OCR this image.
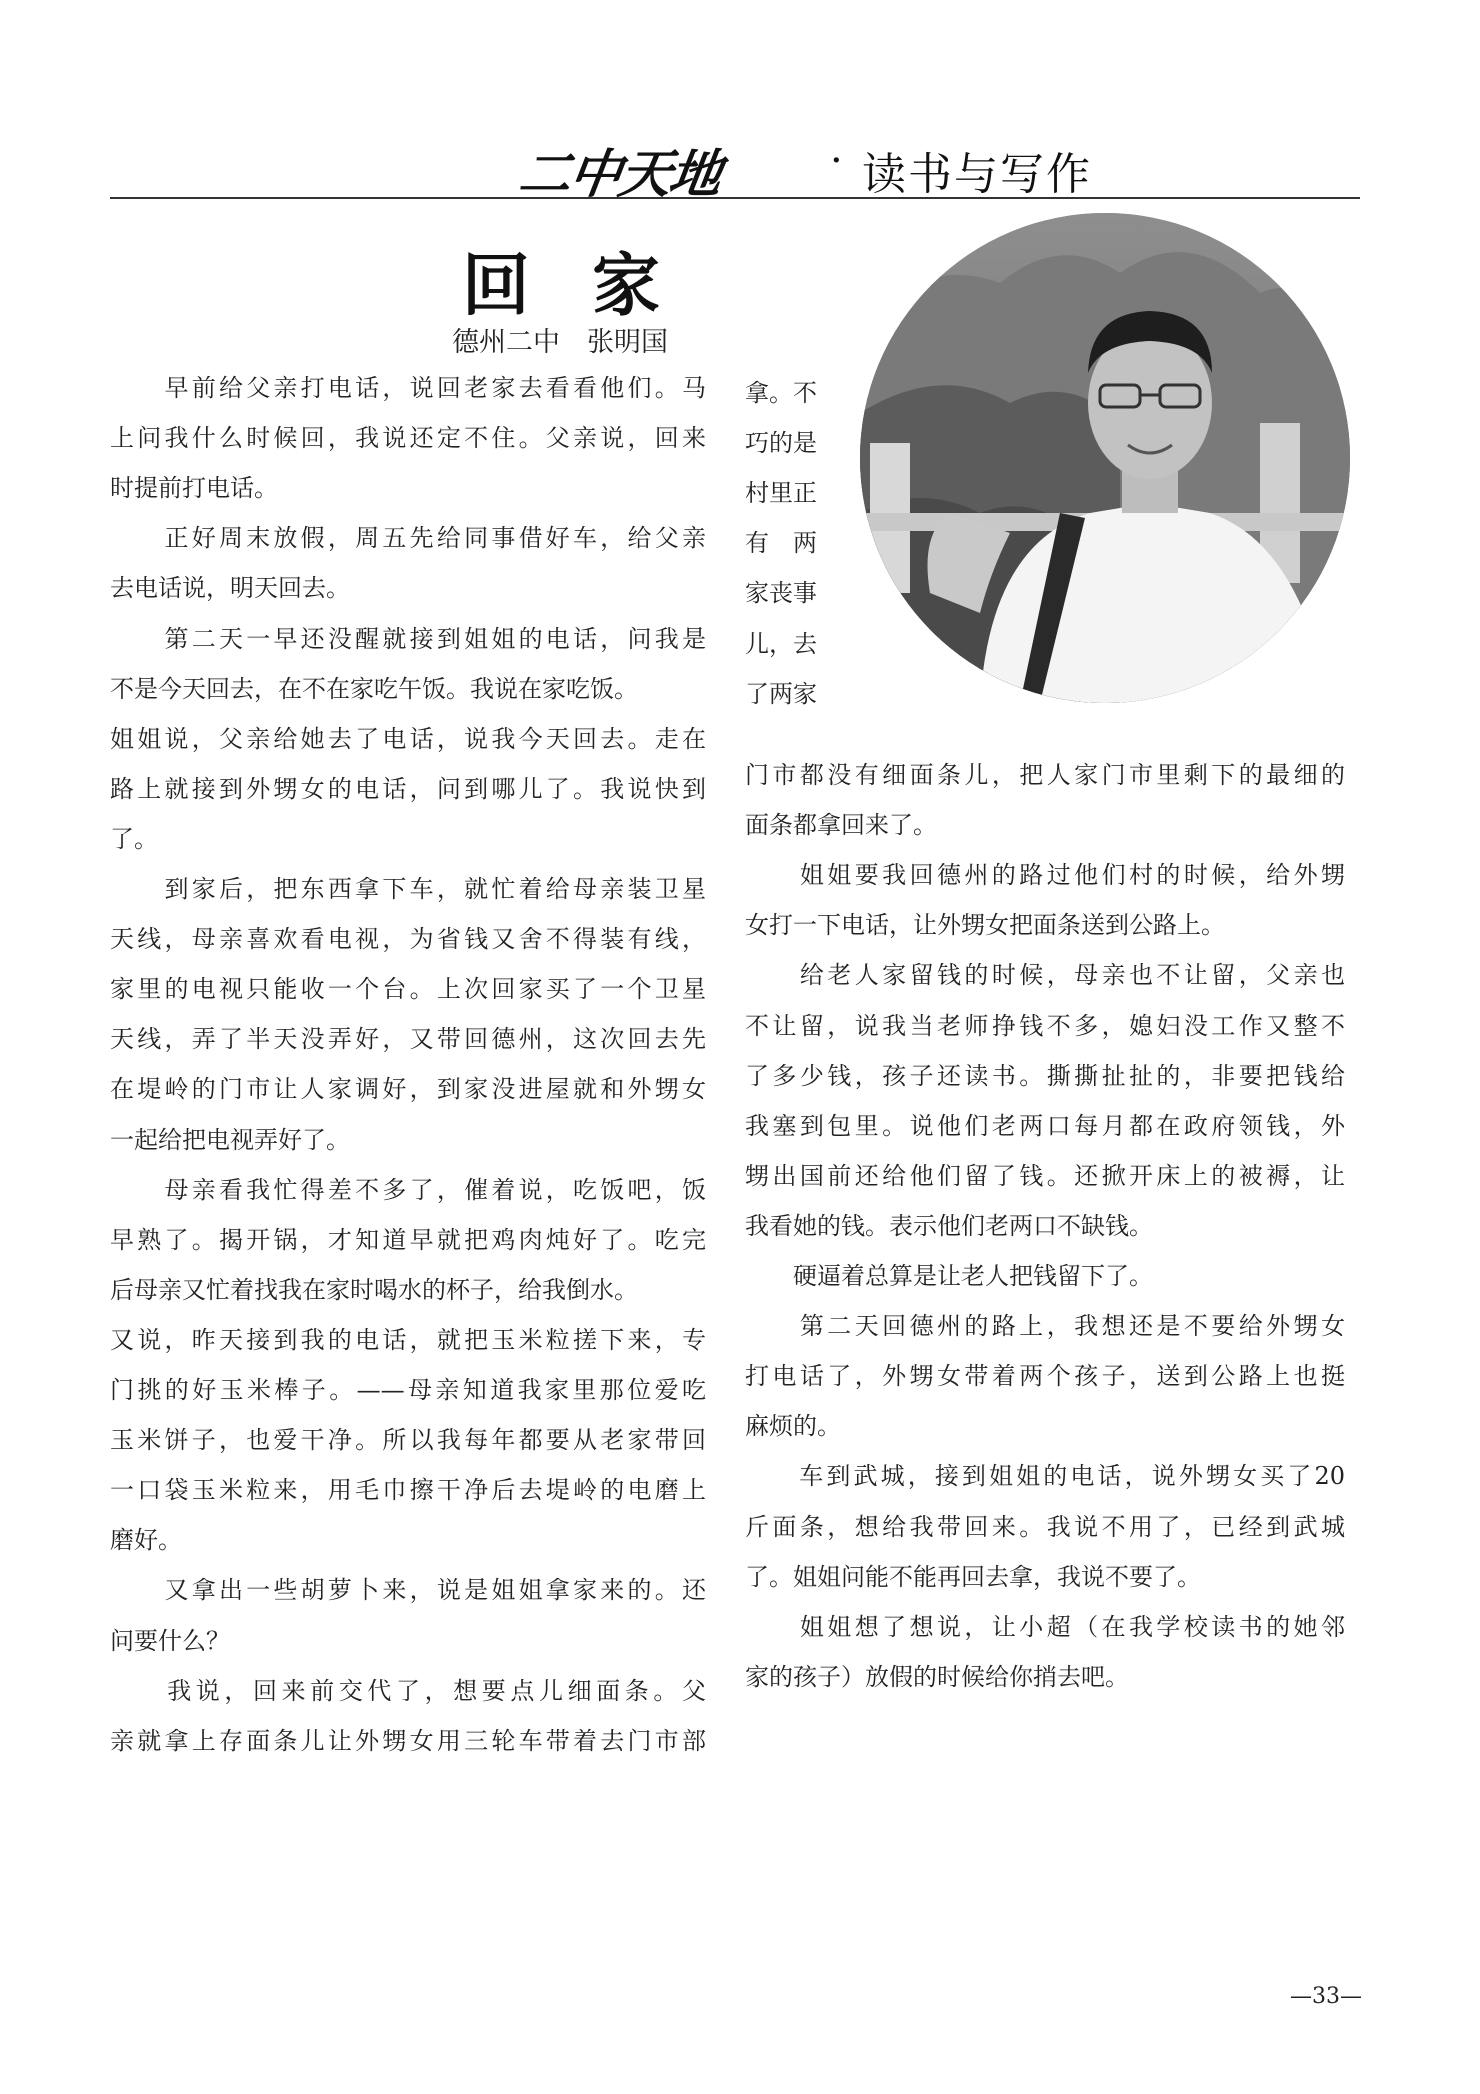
二中天地	· 读书与写作
回家
德州二中　张明国
　　早前给父亲打电话，说回老家去看看他们。马
上问我什么时候回，我说还定不住。父亲说，回来
时提前打电话。
　　正好周末放假，周五先给同事借好车，给父亲
去电话说，明天回去。
　　第二天一早还没醒就接到姐姐的电话，问我是
不是今天回去，在不在家吃午饭。我说在家吃饭。
姐姐说，父亲给她去了电话，说我今天回去。走在
路上就接到外甥女的电话，问到哪儿了。我说快到
了。
　　到家后，把东西拿下车，就忙着给母亲装卫星
天线，母亲喜欢看电视，为省钱又舍不得装有线，
家里的电视只能收一个台。上次回家买了一个卫星
天线，弄了半天没弄好，又带回德州，这次回去先
在堤岭的门市让人家调好，到家没进屋就和外甥女
一起给把电视弄好了。
　　母亲看我忙得差不多了，催着说，吃饭吧，饭
早熟了。揭开锅，才知道早就把鸡肉炖好了。吃完
后母亲又忙着找我在家时喝水的杯子，给我倒水。
又说，昨天接到我的电话，就把玉米粒搓下来，专
门挑的好玉米棒子。——母亲知道我家里那位爱吃
玉米饼子，也爱干净。所以我每年都要从老家带回
一口袋玉米粒来，用毛巾擦干净后去堤岭的电磨上
磨好。
　　又拿出一些胡萝卜来，说是姐姐拿家来的。还
问要什么？
　　我说，回来前交代了，想要点儿细面条。父
亲就拿上存面条儿让外甥女用三轮车带着去门市部
拿。不
巧的是
村里正
有　两
家丧事
儿，去
了两家
门市都没有细面条儿，把人家门市里剩下的最细的
面条都拿回来了。
　　姐姐要我回德州的路过他们村的时候，给外甥
女打一下电话，让外甥女把面条送到公路上。
　　给老人家留钱的时候，母亲也不让留，父亲也
不让留，说我当老师挣钱不多，媳妇没工作又整不
了多少钱，孩子还读书。撕撕扯扯的，非要把钱给
我塞到包里。说他们老两口每月都在政府领钱，外
甥出国前还给他们留了钱。还掀开床上的被褥，让
我看她的钱。表示他们老两口不缺钱。
　　硬逼着总算是让老人把钱留下了。
　　第二天回德州的路上，我想还是不要给外甥女
打电话了，外甥女带着两个孩子，送到公路上也挺
麻烦的。
　　车到武城，接到姐姐的电话，说外甥女买了20
斤面条，想给我带回来。我说不用了，已经到武城
了。姐姐问能不能再回去拿，我说不要了。
　　姐姐想了想说，让小超（在我学校读书的她邻
家的孩子）放假的时候给你捎去吧。
—33—
